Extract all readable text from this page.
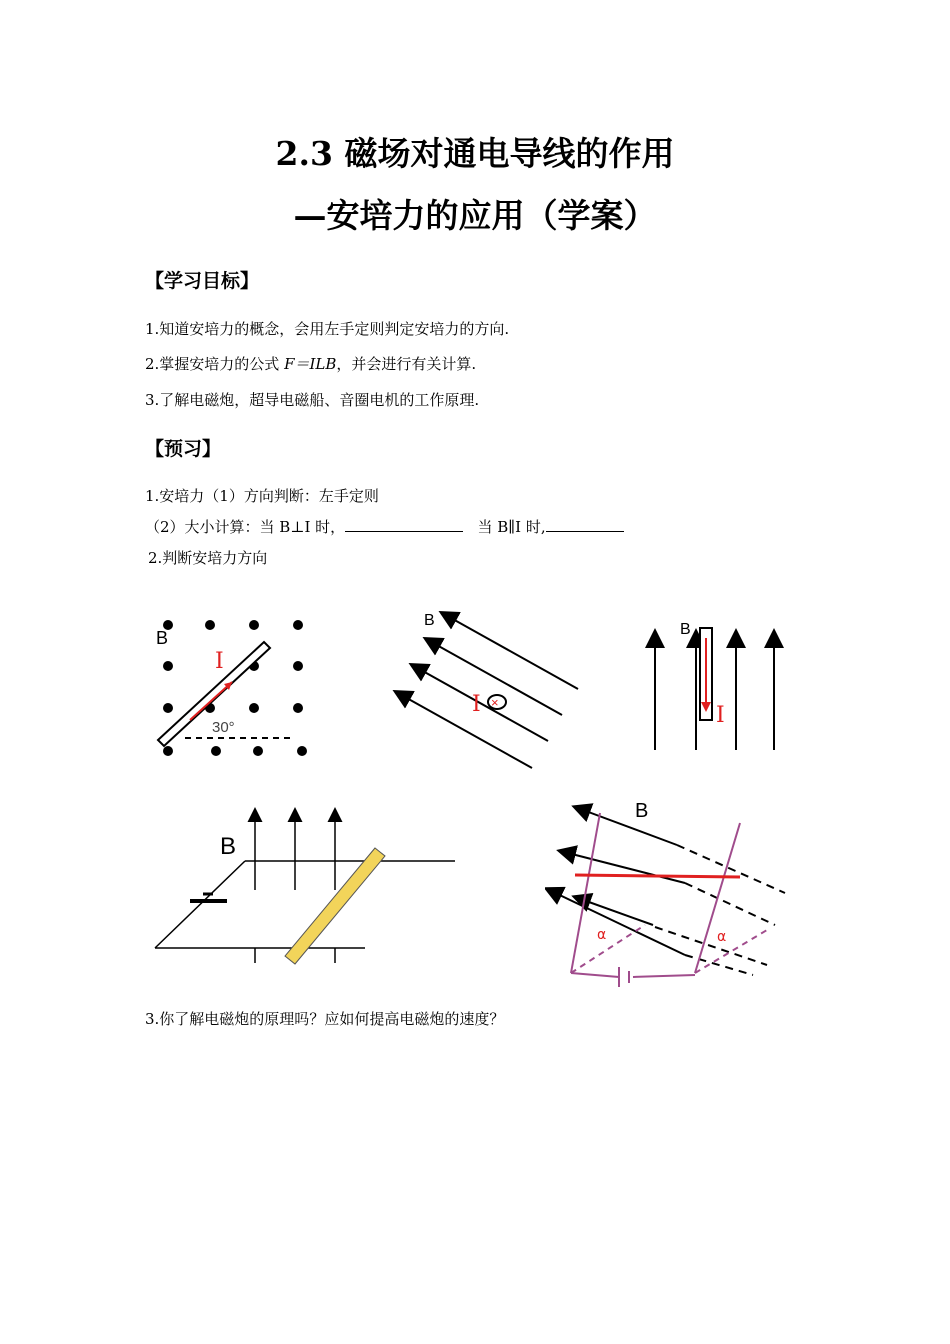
2.3 磁场对通电导线的作用
—安培力的应用（学案）
【学习目标】
1.知道安培力的概念，会用左手定则判定安培力的方向.
2.掌握安培力的公式 F＝ILB，并会进行有关计算.
3.了解电磁炮，超导电磁船、音圈电机的工作原理.
【预习】
1.安培力（1）方向判断：左手定则
（2）大小计算：当 B⊥I 时，	当 B∥I 时,
2.判断安培力方向
B
I
30°
B
×
I
B
I
B
B
α	α
3.你了解电磁炮的原理吗？应如何提高电磁炮的速度？
